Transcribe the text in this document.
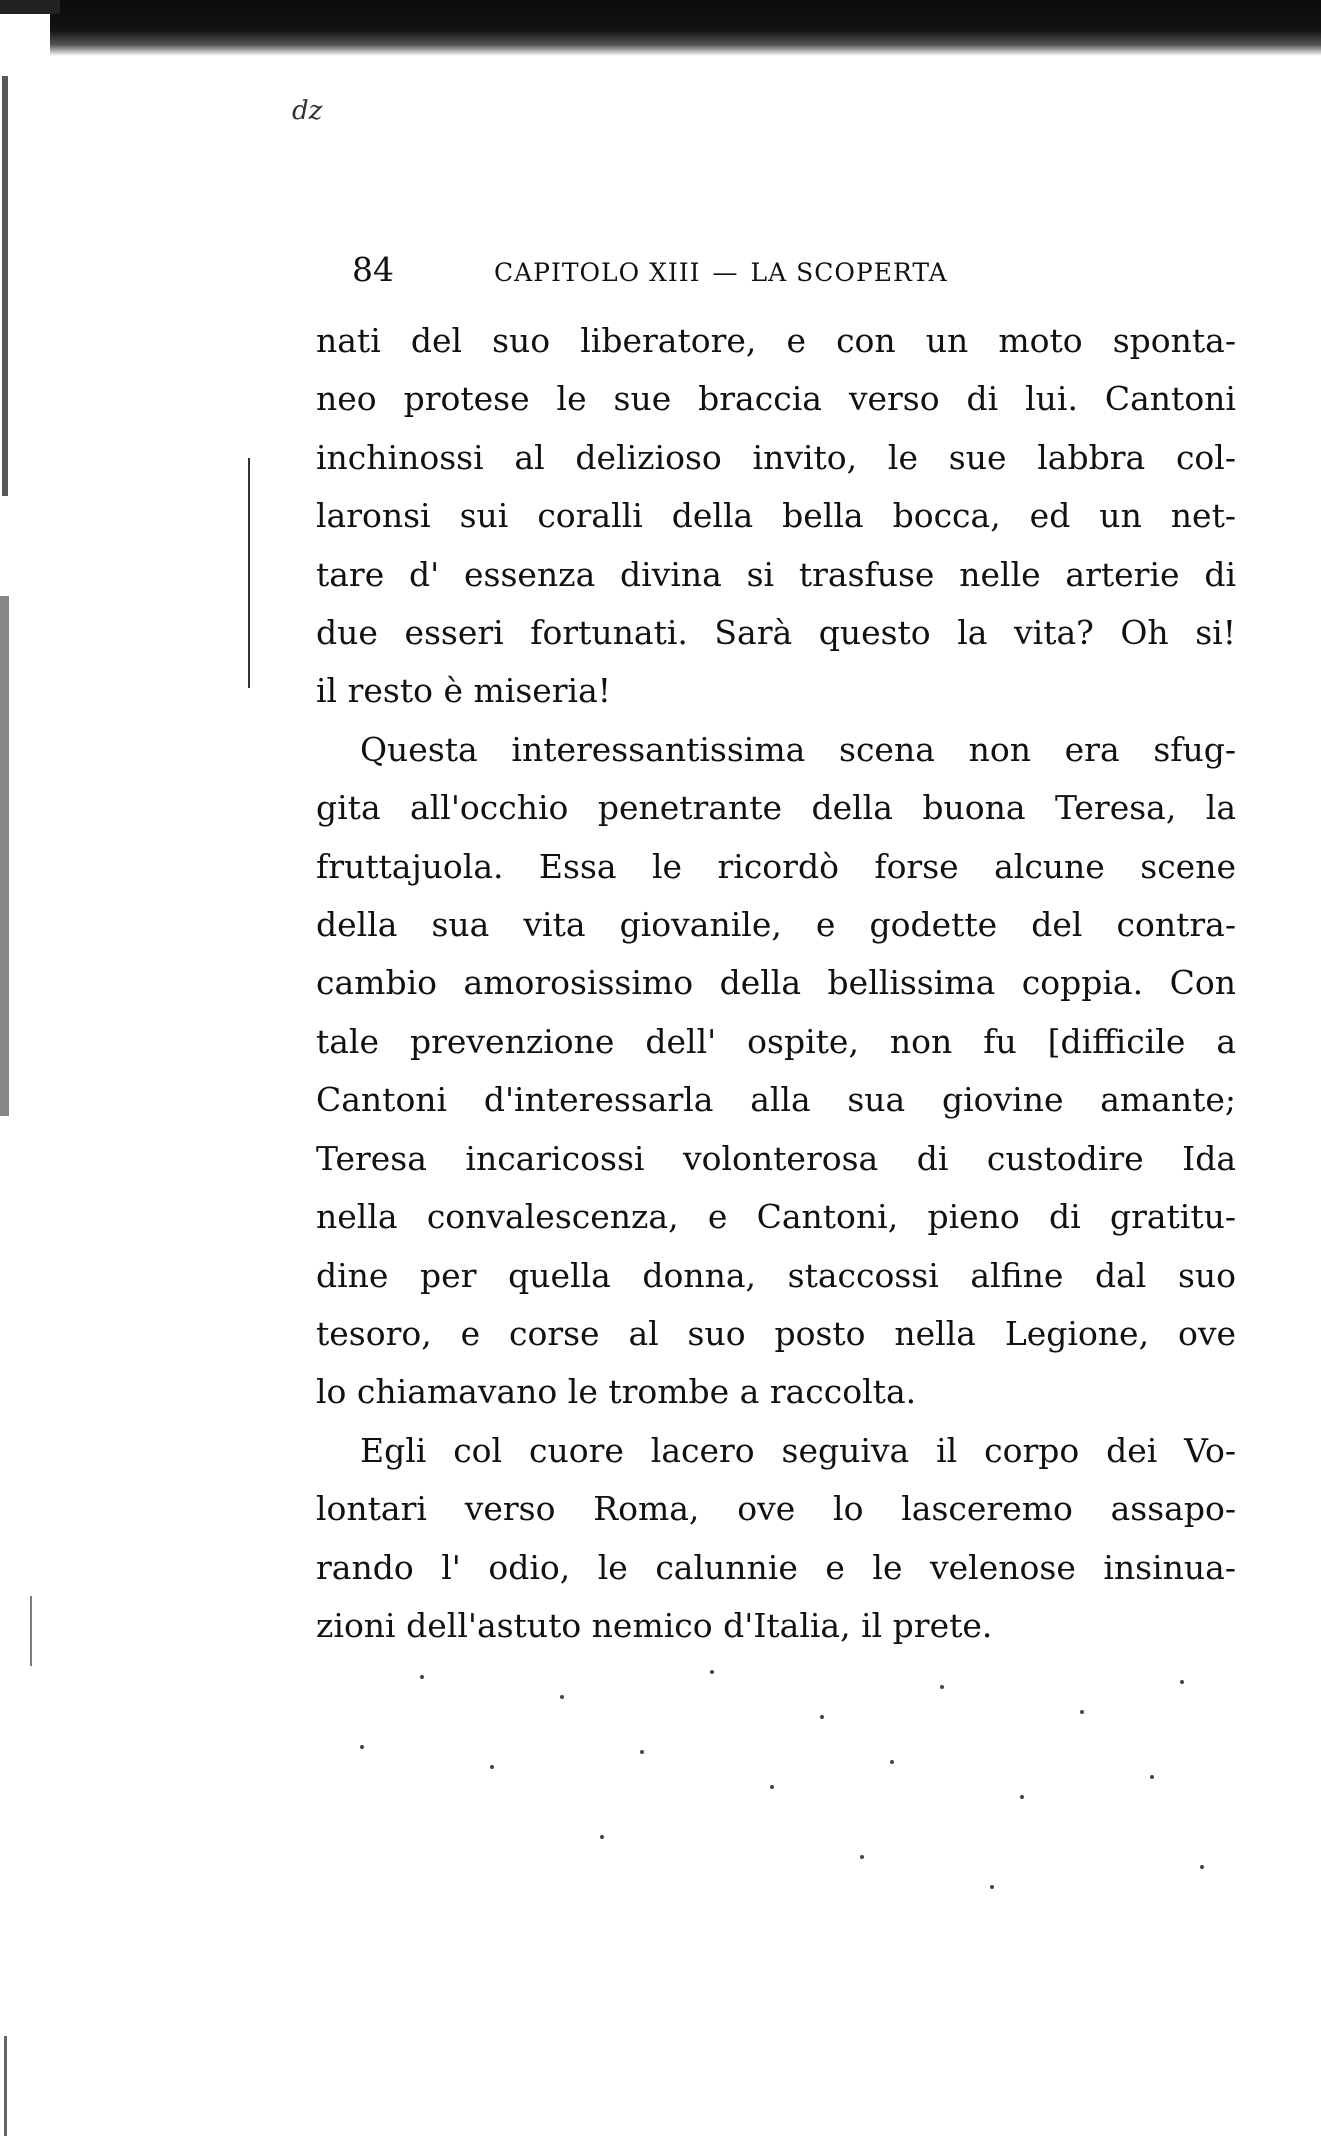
dz
84	CAPITOLO XIII — LA SCOPERTA
nati del suo liberatore, e con un moto sponta-
neo protese le sue braccia verso di lui. Cantoni
inchinossi al delizioso invito, le sue labbra col-
laronsi sui coralli della bella bocca, ed un net-
tare d' essenza divina si trasfuse nelle arterie di
due esseri fortunati. Sarà questo la vita? Oh si!
il resto è miseria!
Questa interessantissima scena non era sfug-
gita all'occhio penetrante della buona Teresa, la
fruttajuola. Essa le ricordò forse alcune scene
della sua vita giovanile, e godette del contra-
cambio amorosissimo della bellissima coppia. Con
tale prevenzione dell' ospite, non fu [difficile a
Cantoni d'interessarla alla sua giovine amante;
Teresa incaricossi volonterosa di custodire Ida
nella convalescenza, e Cantoni, pieno di gratitu-
dine per quella donna, staccossi alfine dal suo
tesoro, e corse al suo posto nella Legione, ove
lo chiamavano le trombe a raccolta.
Egli col cuore lacero seguiva il corpo dei Vo-
lontari verso Roma, ove lo lasceremo assapo-
rando l' odio, le calunnie e le velenose insinua-
zioni dell'astuto nemico d'Italia, il prete.
